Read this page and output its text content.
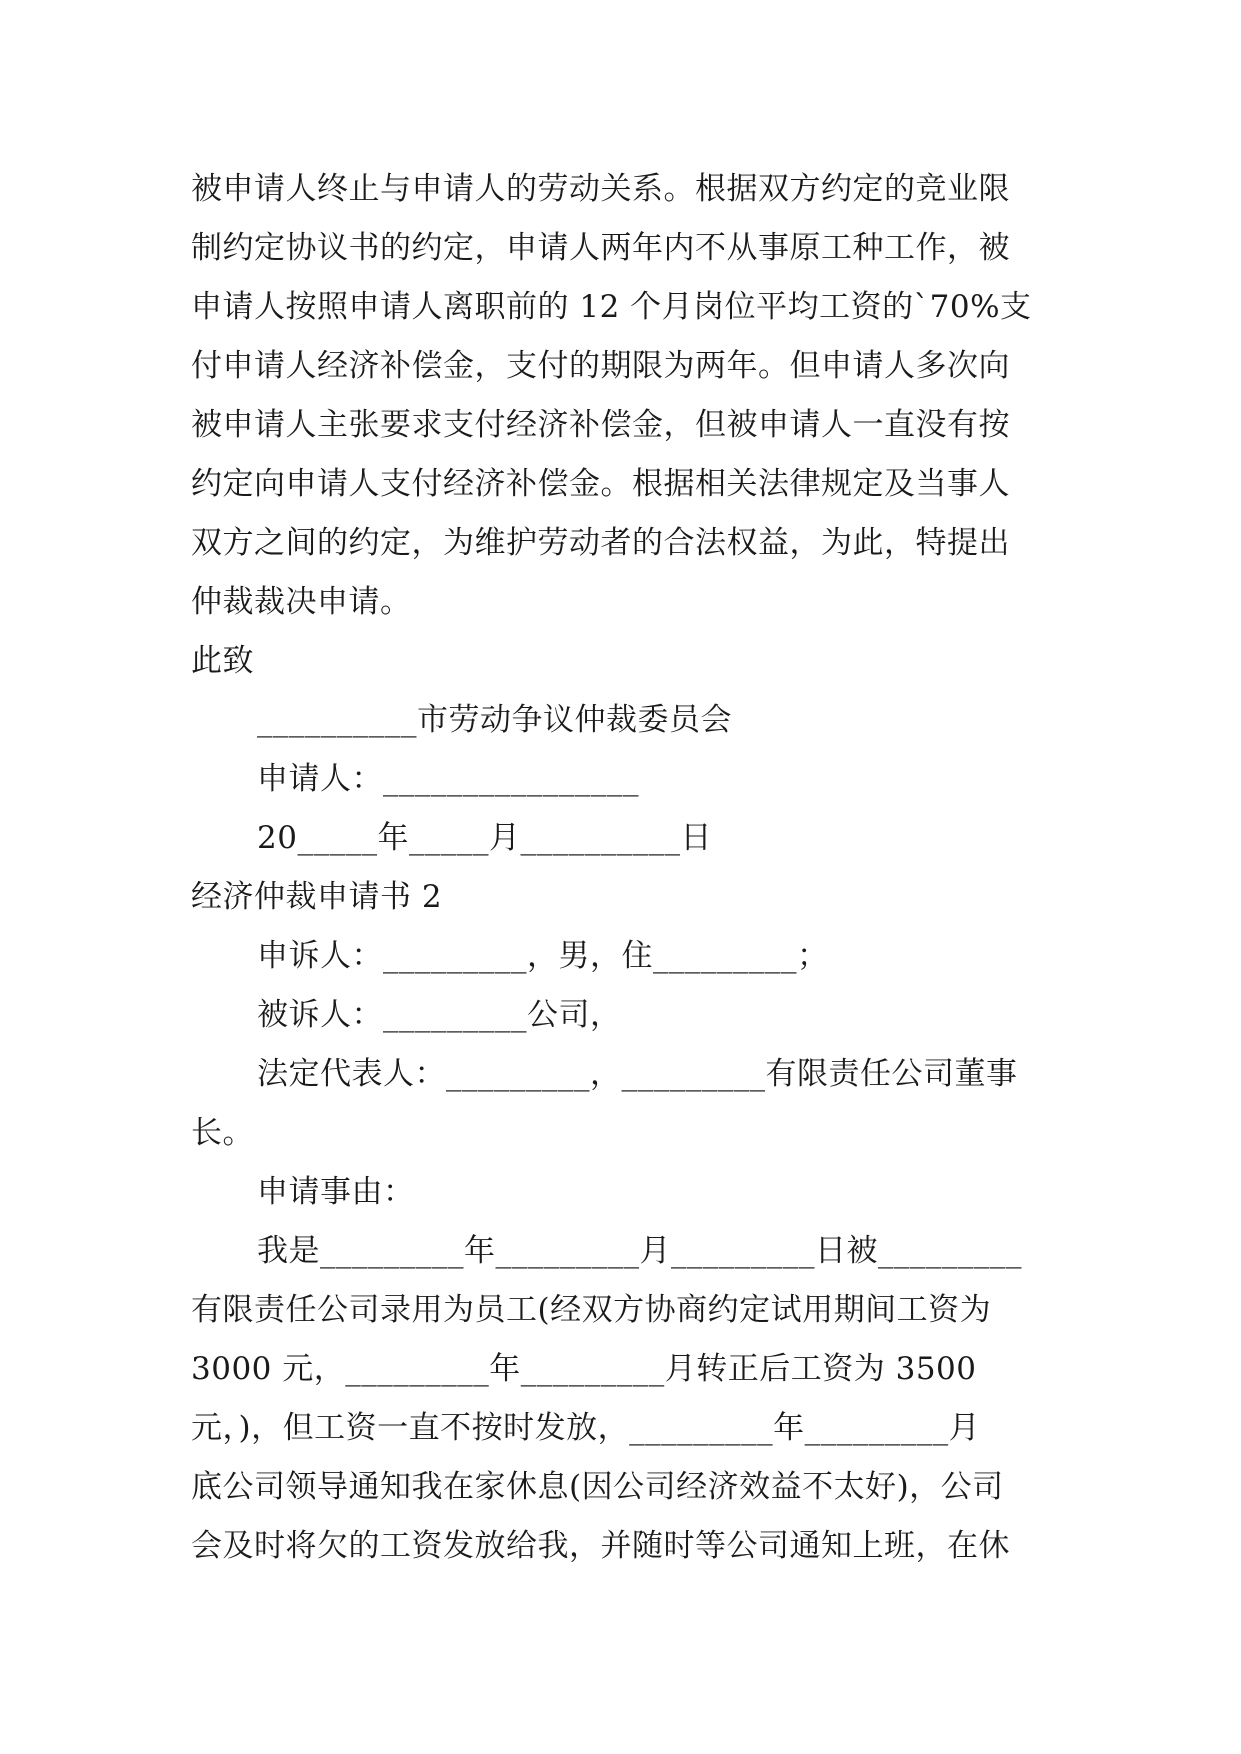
被申请人终止与申请人的劳动关系。根据双方约定的竞业限
制约定协议书的约定，申请人两年内不从事原工种工作，被
申请人按照申请人离职前的 12 个月岗位平均工资的`70%支
付申请人经济补偿金，支付的期限为两年。但申请人多次向
被申请人主张要求支付经济补偿金，但被申请人一直没有按
约定向申请人支付经济补偿金。根据相关法律规定及当事人
双方之间的约定，为维护劳动者的合法权益，为此，特提出
仲裁裁决申请。
此致
__________市劳动争议仲裁委员会
申请人：________________
20_____年_____月__________日
经济仲裁申请书 2
申诉人：_________，男，住_________；
被诉人：_________公司，
法定代表人：_________，_________有限责任公司董事
长。
申请事由：
我是_________年_________月_________日被_________
有限责任公司录用为员工(经双方协商约定试用期间工资为
3000 元，_________年_________月转正后工资为 3500
元，)，但工资一直不按时发放，_________年_________月
底公司领导通知我在家休息(因公司经济效益不太好)，公司
会及时将欠的工资发放给我，并随时等公司通知上班，在休
